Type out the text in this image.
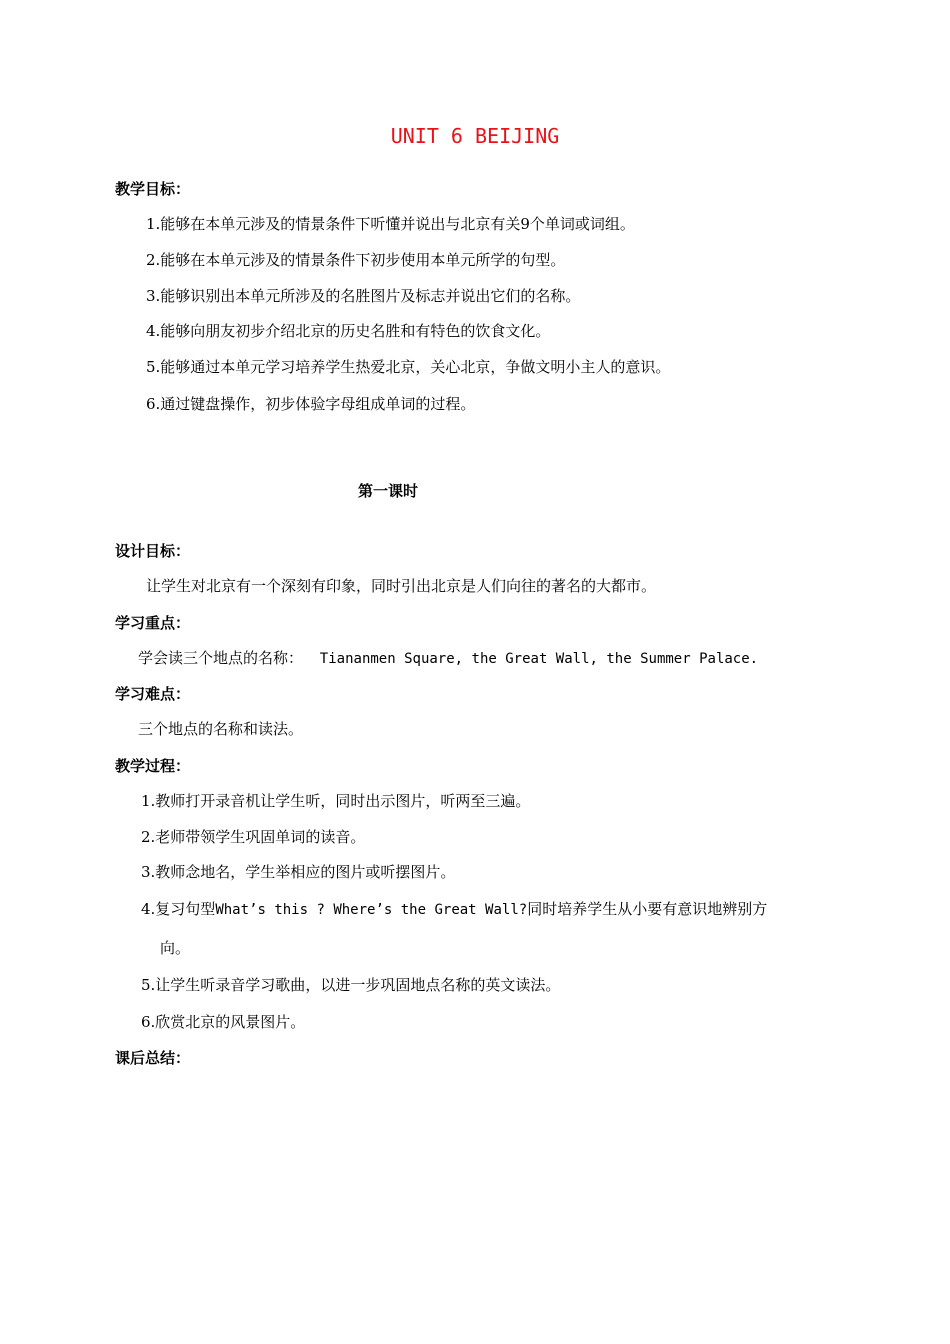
UNIT 6 BEIJING
教学目标：
1.能够在本单元涉及的情景条件下听懂并说出与北京有关9个单词或词组。
2.能够在本单元涉及的情景条件下初步使用本单元所学的句型。
3.能够识别出本单元所涉及的名胜图片及标志并说出它们的名称。
4.能够向朋友初步介绍北京的历史名胜和有特色的饮食文化。
5.能够通过本单元学习培养学生热爱北京，关心北京，争做文明小主人的意识。
6.通过键盘操作，初步体验字母组成单词的过程。
第一课时
设计目标：
让学生对北京有一个深刻有印象，同时引出北京是人们向往的著名的大都市。
学习重点：
学会读三个地点的名称： Tiananmen Square, the Great Wall, the Summer Palace.
学习难点：
三个地点的名称和读法。
教学过程：
1.教师打开录音机让学生听，同时出示图片，听两至三遍。
2.老师带领学生巩固单词的读音。
3.教师念地名，学生举相应的图片或听摆图片。
4.复习句型What’s this ? Where’s the Great Wall?同时培养学生从小要有意识地辨别方
向。
5.让学生听录音学习歌曲，以进一步巩固地点名称的英文读法。
6.欣赏北京的风景图片。
课后总结：
